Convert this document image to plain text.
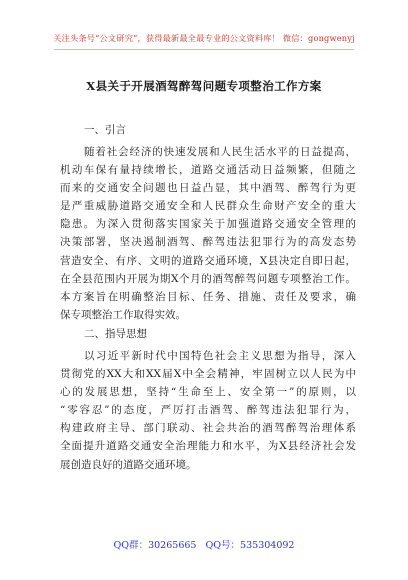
关注头条号“公文研究”，获得最新最全最专业的公文资料库！ 微信：gongwenyj
X县关于开展酒驾醉驾问题专项整治工作方案
一、引言
随着社会经济的快速发展和人民生活水平的日益提高，
机动车保有量持续增长，道路交通活动日益频繁，但随之
而来的交通安全问题也日益凸显，其中酒驾、醉驾行为更
是严重威胁道路交通安全和人民群众生命财产安全的重大
隐患。为深入贯彻落实国家关于加强道路交通安全管理的
决策部署，坚决遏制酒驾、醉驾违法犯罪行为的高发态势
营造安全、有序、文明的道路交通环境，X县决定自即日起，
在全县范围内开展为期X个月的酒驾醉驾问题专项整治工作。
本方案旨在明确整治目标、任务、措施、责任及要求，确
保专项整治工作取得实效。
二、指导思想
以习近平新时代中国特色社会主义思想为指导，深入
贯彻党的XX大和XX届X中全会精神，牢固树立以人民为中
心的发展思想，坚持“生命至上、安全第一”的原则，以
“零容忍”的态度，严厉打击酒驾、醉驾违法犯罪行为，
构建政府主导、部门联动、社会共治的酒驾醉驾治理体系
全面提升道路交通安全治理能力和水平，为X县经济社会发
展创造良好的道路交通环境。
QQ群：30265665 QQ号：535304092
